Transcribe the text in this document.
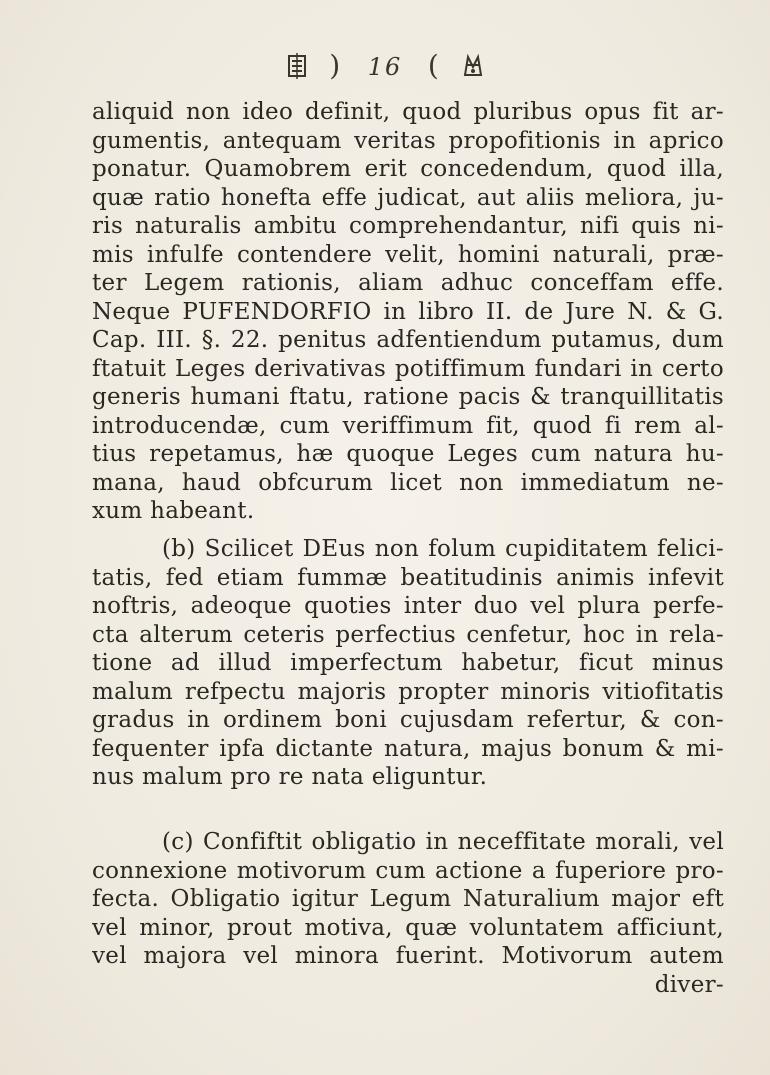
) 16 (
aliquid non ideo definit, quod pluribus opus fit ar-
gumentis, antequam veritas propofitionis in aprico
ponatur. Quamobrem erit concedendum, quod illa,
quæ ratio honefta effe judicat, aut aliis meliora, ju-
ris naturalis ambitu comprehendantur, nifi quis ni-
mis infulfe contendere velit, homini naturali, præ-
ter Legem rationis, aliam adhuc conceffam effe.
Neque PUFENDORFIO in libro II. de Jure N. & G.
Cap. III. §. 22. penitus adfentiendum putamus, dum
ftatuit Leges derivativas potiffimum fundari in certo
generis humani ftatu, ratione pacis & tranquillitatis
introducendæ, cum veriffimum fit, quod fi rem al-
tius repetamus, hæ quoque Leges cum natura hu-
mana, haud obfcurum licet non immediatum ne-
xum habeant.
(b) Scilicet DEus non folum cupiditatem felici-
tatis, fed etiam fummæ beatitudinis animis infevit
noftris, adeoque quoties inter duo vel plura perfe-
cta alterum ceteris perfectius cenfetur, hoc in rela-
tione ad illud imperfectum habetur, ficut minus
malum refpectu majoris propter minoris vitiofitatis
gradus in ordinem boni cujusdam refertur, & con-
fequenter ipfa dictante natura, majus bonum & mi-
nus malum pro re nata eliguntur.
(c) Confiftit obligatio in neceffitate morali, vel
connexione motivorum cum actione a fuperiore pro-
fecta. Obligatio igitur Legum Naturalium major eft
vel minor, prout motiva, quæ voluntatem afficiunt,
vel majora vel minora fuerint. Motivorum autem
diver-
